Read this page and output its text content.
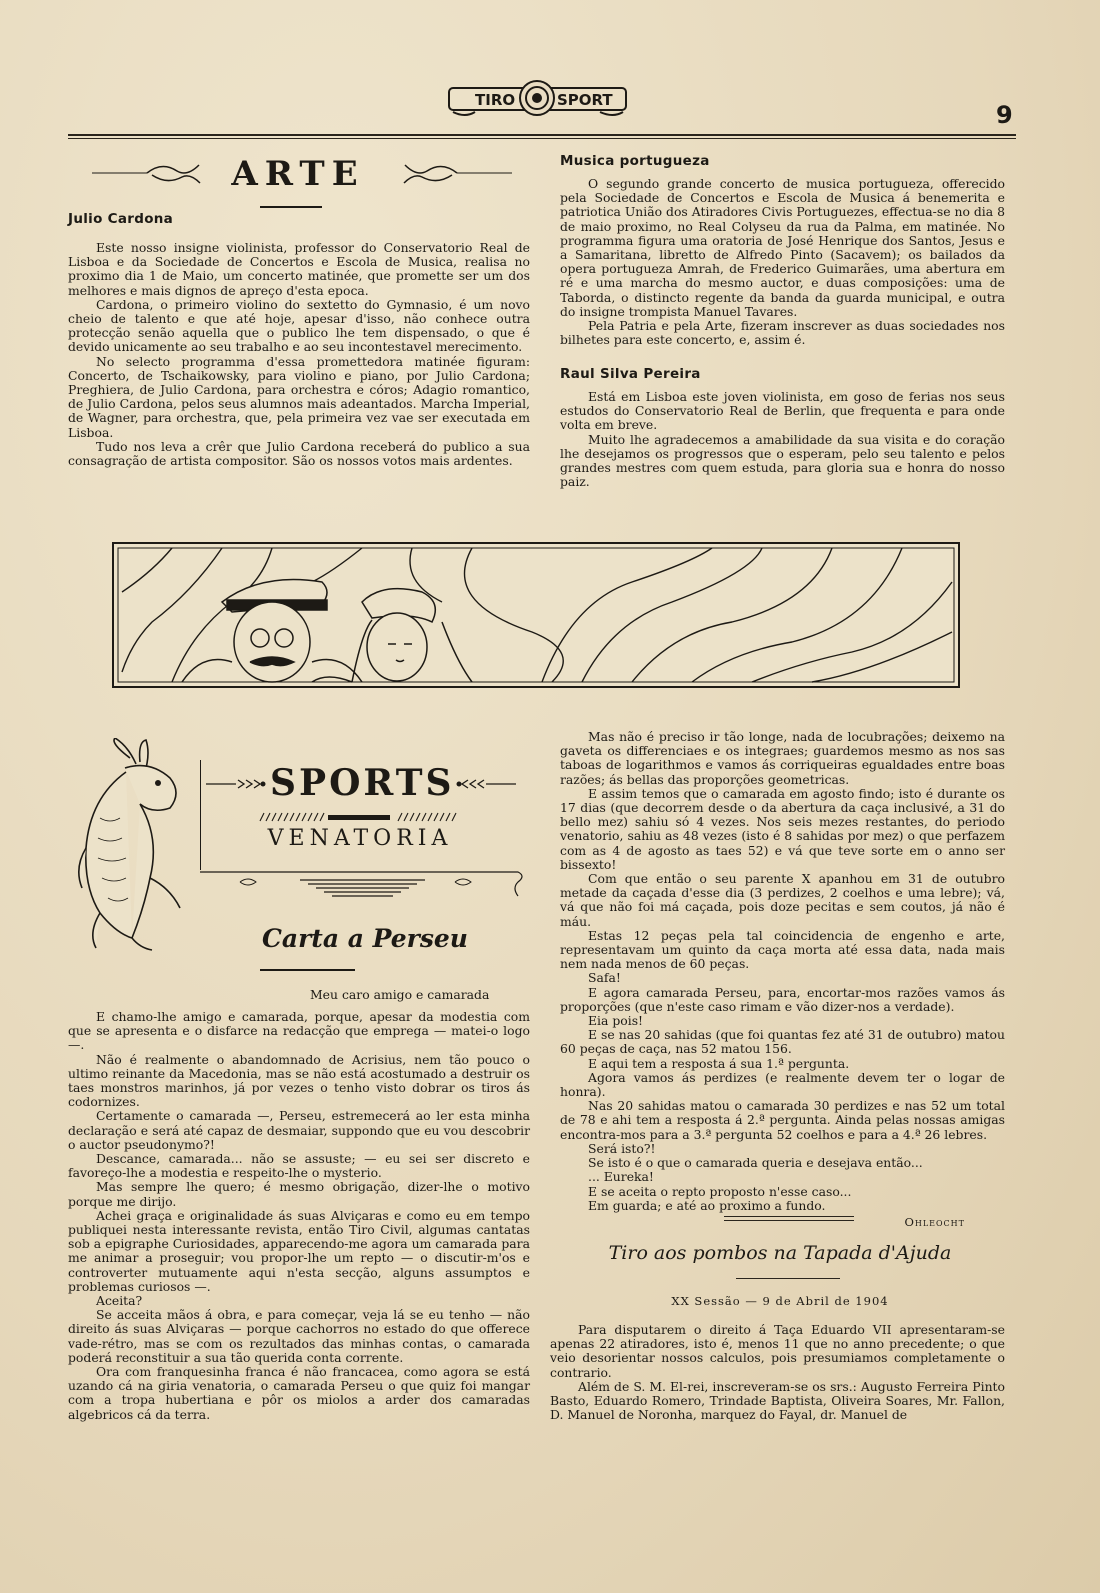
TIRO	SPORT
9
ARTE
Julio Cardona

Este nosso insigne violinista, professor do Conservatorio Real de Lisboa e da Sociedade de Concertos e Escola de Musica, realisa no proximo dia 1 de Maio, um concerto matinée, que promette ser um dos melhores e mais dignos de apreço d'esta epoca.

Cardona, o primeiro violino do sextetto do Gymnasio, é um novo cheio de talento e que até hoje, apesar d'isso, não conhece outra protecção senão aquella que o publico lhe tem dispensado, o que é devido unicamente ao seu trabalho e ao seu incontestavel merecimento.

No selecto programma d'essa promettedora matinée figuram: Concerto, de Tschaikowsky, para violino e piano, por Julio Cardona; Preghiera, de Julio Cardona, para orchestra e córos; Adagio romantico, de Julio Cardona, pelos seus alumnos mais adeantados. Marcha Imperial, de Wagner, para orchestra, que, pela primeira vez vae ser executada em Lisboa.

Tudo nos leva a crêr que Julio Cardona receberá do publico a sua consagração de artista compositor. São os nossos votos mais ardentes.

Musica portugueza

O segundo grande concerto de musica portugueza, offerecido pela Sociedade de Concertos e Escola de Musica á benemerita e patriotica União dos Atiradores Civis Portuguezes, effectua-se no dia 8 de maio proximo, no Real Colyseu da rua da Palma, em matinée. No programma figura uma oratoria de José Henrique dos Santos, Jesus e a Samaritana, libretto de Alfredo Pinto (Sacavem); os bailados da opera portugueza Amrah, de Frederico Guimarães, uma abertura em ré e uma marcha do mesmo auctor, e duas composições: uma de Taborda, o distincto regente da banda da guarda municipal, e outra do insigne trompista Manuel Tavares.

Pela Patria e pela Arte, fizeram inscrever as duas sociedades nos bilhetes para este concerto, e, assim é.

Raul Silva Pereira

Está em Lisboa este joven violinista, em goso de ferias nos seus estudos do Conservatorio Real de Berlin, que frequenta e para onde volta em breve.

Muito lhe agradecemos a amabilidade da sua visita e do coração lhe desejamos os progressos que o esperam, pelo seu talento e pelos grandes mestres com quem estuda, para gloria sua e honra do nosso paiz.

SPORTS
VENATORIA
Carta a Perseu
Meu caro amigo e camarada

E chamo-lhe amigo e camarada, porque, apesar da modestia com que se apresenta e o disfarce na redacção que emprega — matei-o logo —.

Não é realmente o abandomnado de Acrisius, nem tão pouco o ultimo reinante da Macedonia, mas se não está acostumado a destruir os taes monstros marinhos, já por vezes o tenho visto dobrar os tiros ás codornizes.

Certamente o camarada —, Perseu, estremecerá ao ler esta minha declaração e será até capaz de desmaiar, suppondo que eu vou descobrir o auctor pseudonymo?!

Descance, camarada... não se assuste; — eu sei ser discreto e favoreço-lhe a modestia e respeito-lhe o mysterio.

Mas sempre lhe quero; é mesmo obrigação, dizer-lhe o motivo porque me dirijo.

Achei graça e originalidade ás suas Alviçaras e como eu em tempo publiquei nesta interessante revista, então Tiro Civil, algumas cantatas sob a epigraphe Curiosidades, apparecendo-me agora um camarada para me animar a proseguir; vou propor-lhe um repto — o discutir-m'os e controverter mutuamente aqui n'esta secção, alguns assumptos e problemas curiosos —.

Aceita?

Se acceita mãos á obra, e para começar, veja lá se eu tenho — não direito ás suas Alviçaras — porque cachorros no estado do que offerece vade-rétro, mas se com os rezultados das minhas contas, o camarada poderá reconstituir a sua tão querida conta corrente.

Ora com franquesinha franca é não francacea, como agora se está uzando cá na giria venatoria, o camarada Perseu o que quiz foi mangar com a tropa hubertiana e pôr os miolos a arder dos camaradas algebricos cá da terra.

Mas não é preciso ir tão longe, nada de locubrações; deixemo na gaveta os differenciaes e os integraes; guardemos mesmo as nos sas taboas de logarithmos e vamos ás corriqueiras egualdades entre boas razões; ás bellas das proporções geometricas.

E assim temos que o camarada em agosto findo; isto é durante os 17 dias (que decorrem desde o da abertura da caça inclusivé, a 31 do bello mez) sahiu só 4 vezes. Nos seis mezes restantes, do periodo venatorio, sahiu as 48 vezes (isto é 8 sahidas por mez) o que perfazem com as 4 de agosto as taes 52) e vá que teve sorte em o anno ser bissexto!

Com que então o seu parente X apanhou em 31 de outubro metade da caçada d'esse dia (3 perdizes, 2 coelhos e uma lebre); vá, vá que não foi má caçada, pois doze pecitas e sem coutos, já não é máu.

Estas 12 peças pela tal coincidencia de engenho e arte, representavam um quinto da caça morta até essa data, nada mais nem nada menos de 60 peças.

Safa!

E agora camarada Perseu, para, encortar-mos razões vamos ás proporções (que n'este caso rimam e vão dizer-nos a verdade).

Eia pois!

E se nas 20 sahidas (que foi quantas fez até 31 de outubro) matou 60 peças de caça, nas 52 matou 156.

E aqui tem a resposta á sua 1.ª pergunta.

Agora vamos ás perdizes (e realmente devem ter o logar de honra).

Nas 20 sahidas matou o camarada 30 perdizes e nas 52 um total de 78 e ahi tem a resposta á 2.ª pergunta. Ainda pelas nossas amigas encontra-mos para a 3.ª pergunta 52 coelhos e para a 4.ª 26 lebres.

Será isto?!

Se isto é o que o camarada queria e desejava então...

... Eureka!

E se aceita o repto proposto n'esse caso...

Em guarda; e até ao proximo a fundo.

Ohleocht

Tiro aos pombos na Tapada d'Ajuda
XX Sessão — 9 de Abril de 1904

Para disputarem o direito á Taça Eduardo VII apresentaram-se apenas 22 atiradores, isto é, menos 11 que no anno precedente; o que veio desorientar nossos calculos, pois presumiamos completamente o contrario.

Além de S. M. El-rei, inscreveram-se os srs.: Augusto Ferreira Pinto Basto, Eduardo Romero, Trindade Baptista, Oliveira Soares, Mr. Fallon, D. Manuel de Noronha, marquez do Fayal, dr. Manuel de
